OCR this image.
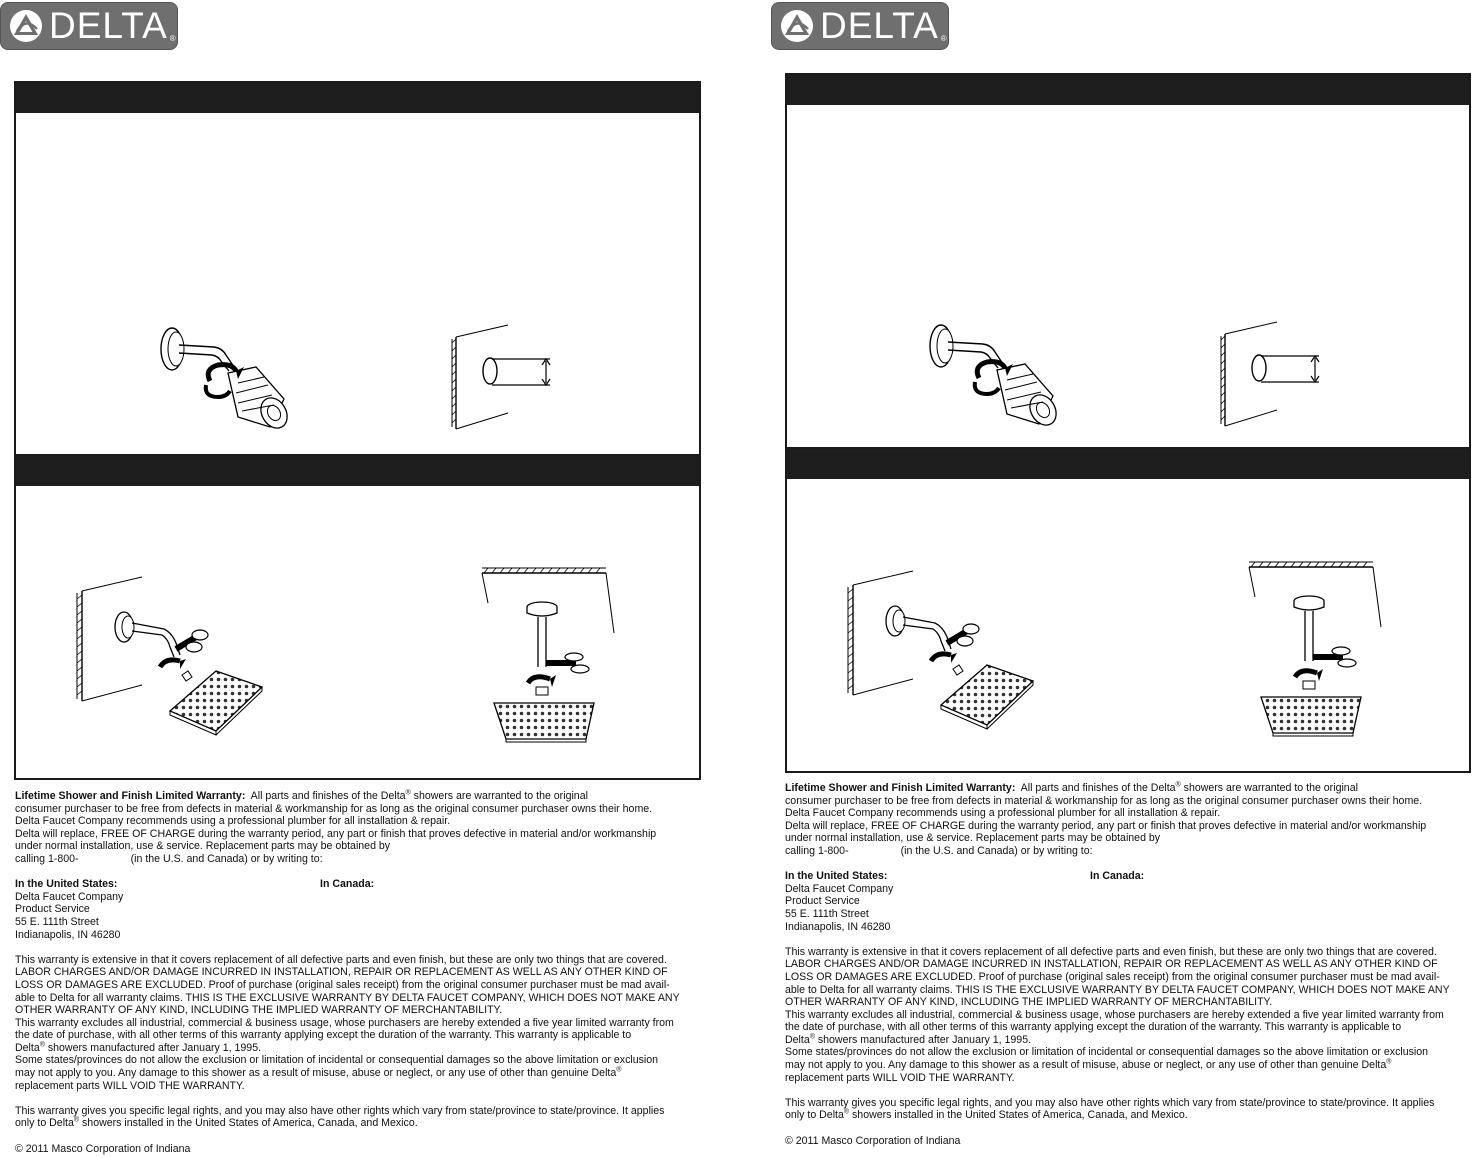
DELTA ®

Lifetime Shower and Finish Limited Warranty: All parts and finishes of the Delta® showers are warranted to the original

consumer purchaser to be free from defects in material & workmanship for as long as the original consumer purchaser owns their home.

Delta Faucet Company recommends using a professional plumber for all installation & repair.

Delta will replace, FREE OF CHARGE during the warranty period, any part or finish that proves defective in material and/or workmanship

under normal installation, use & service. Replacement parts may be obtained by

calling 1-800-	(in the U.S. and Canada) or by writing to:

In the United States:

Delta Faucet Company

Product Service

55 E. 111th Street

Indianapolis, IN 46280

In Canada:

This warranty is extensive in that it covers replacement of all defective parts and even finish, but these are only two things that are covered.

LABOR CHARGES AND/OR DAMAGE INCURRED IN INSTALLATION, REPAIR OR REPLACEMENT AS WELL AS ANY OTHER KIND OF

LOSS OR DAMAGES ARE EXCLUDED. Proof of purchase (original sales receipt) from the original consumer purchaser must be mad avail-

able to Delta for all warranty claims. THIS IS THE EXCLUSIVE WARRANTY BY DELTA FAUCET COMPANY, WHICH DOES NOT MAKE ANY

OTHER WARRANTY OF ANY KIND, INCLUDING THE IMPLIED WARRANTY OF MERCHANTABILITY.

This warranty excludes all industrial, commercial & business usage, whose purchasers are hereby extended a five year limited warranty from

the date of purchase, with all other terms of this warranty applying except the duration of the warranty. This warranty is applicable to

Delta® showers manufactured after January 1, 1995.

Some states/provinces do not allow the exclusion or limitation of incidental or consequential damages so the above limitation or exclusion

may not apply to you. Any damage to this shower as a result of misuse, abuse or neglect, or any use of other than genuine Delta®

replacement parts WILL VOID THE WARRANTY.

This warranty gives you specific legal rights, and you may also have other rights which vary from state/province to state/province. It applies

only to Delta® showers installed in the United States of America, Canada, and Mexico.

© 2011 Masco Corporation of Indiana

DELTA ®

Lifetime Shower and Finish Limited Warranty: All parts and finishes of the Delta® showers are warranted to the original

consumer purchaser to be free from defects in material & workmanship for as long as the original consumer purchaser owns their home.

Delta Faucet Company recommends using a professional plumber for all installation & repair.

Delta will replace, FREE OF CHARGE during the warranty period, any part or finish that proves defective in material and/or workmanship

under normal installation, use & service. Replacement parts may be obtained by

calling 1-800-	(in the U.S. and Canada) or by writing to:

In the United States:

Delta Faucet Company

Product Service

55 E. 111th Street

Indianapolis, IN 46280

In Canada:

This warranty is extensive in that it covers replacement of all defective parts and even finish, but these are only two things that are covered.

LABOR CHARGES AND/OR DAMAGE INCURRED IN INSTALLATION, REPAIR OR REPLACEMENT AS WELL AS ANY OTHER KIND OF

LOSS OR DAMAGES ARE EXCLUDED. Proof of purchase (original sales receipt) from the original consumer purchaser must be mad avail-

able to Delta for all warranty claims. THIS IS THE EXCLUSIVE WARRANTY BY DELTA FAUCET COMPANY, WHICH DOES NOT MAKE ANY

OTHER WARRANTY OF ANY KIND, INCLUDING THE IMPLIED WARRANTY OF MERCHANTABILITY.

This warranty excludes all industrial, commercial & business usage, whose purchasers are hereby extended a five year limited warranty from

the date of purchase, with all other terms of this warranty applying except the duration of the warranty. This warranty is applicable to

Delta® showers manufactured after January 1, 1995.

Some states/provinces do not allow the exclusion or limitation of incidental or consequential damages so the above limitation or exclusion

may not apply to you. Any damage to this shower as a result of misuse, abuse or neglect, or any use of other than genuine Delta®

replacement parts WILL VOID THE WARRANTY.

This warranty gives you specific legal rights, and you may also have other rights which vary from state/province to state/province. It applies

only to Delta® showers installed in the United States of America, Canada, and Mexico.

© 2011 Masco Corporation of Indiana
